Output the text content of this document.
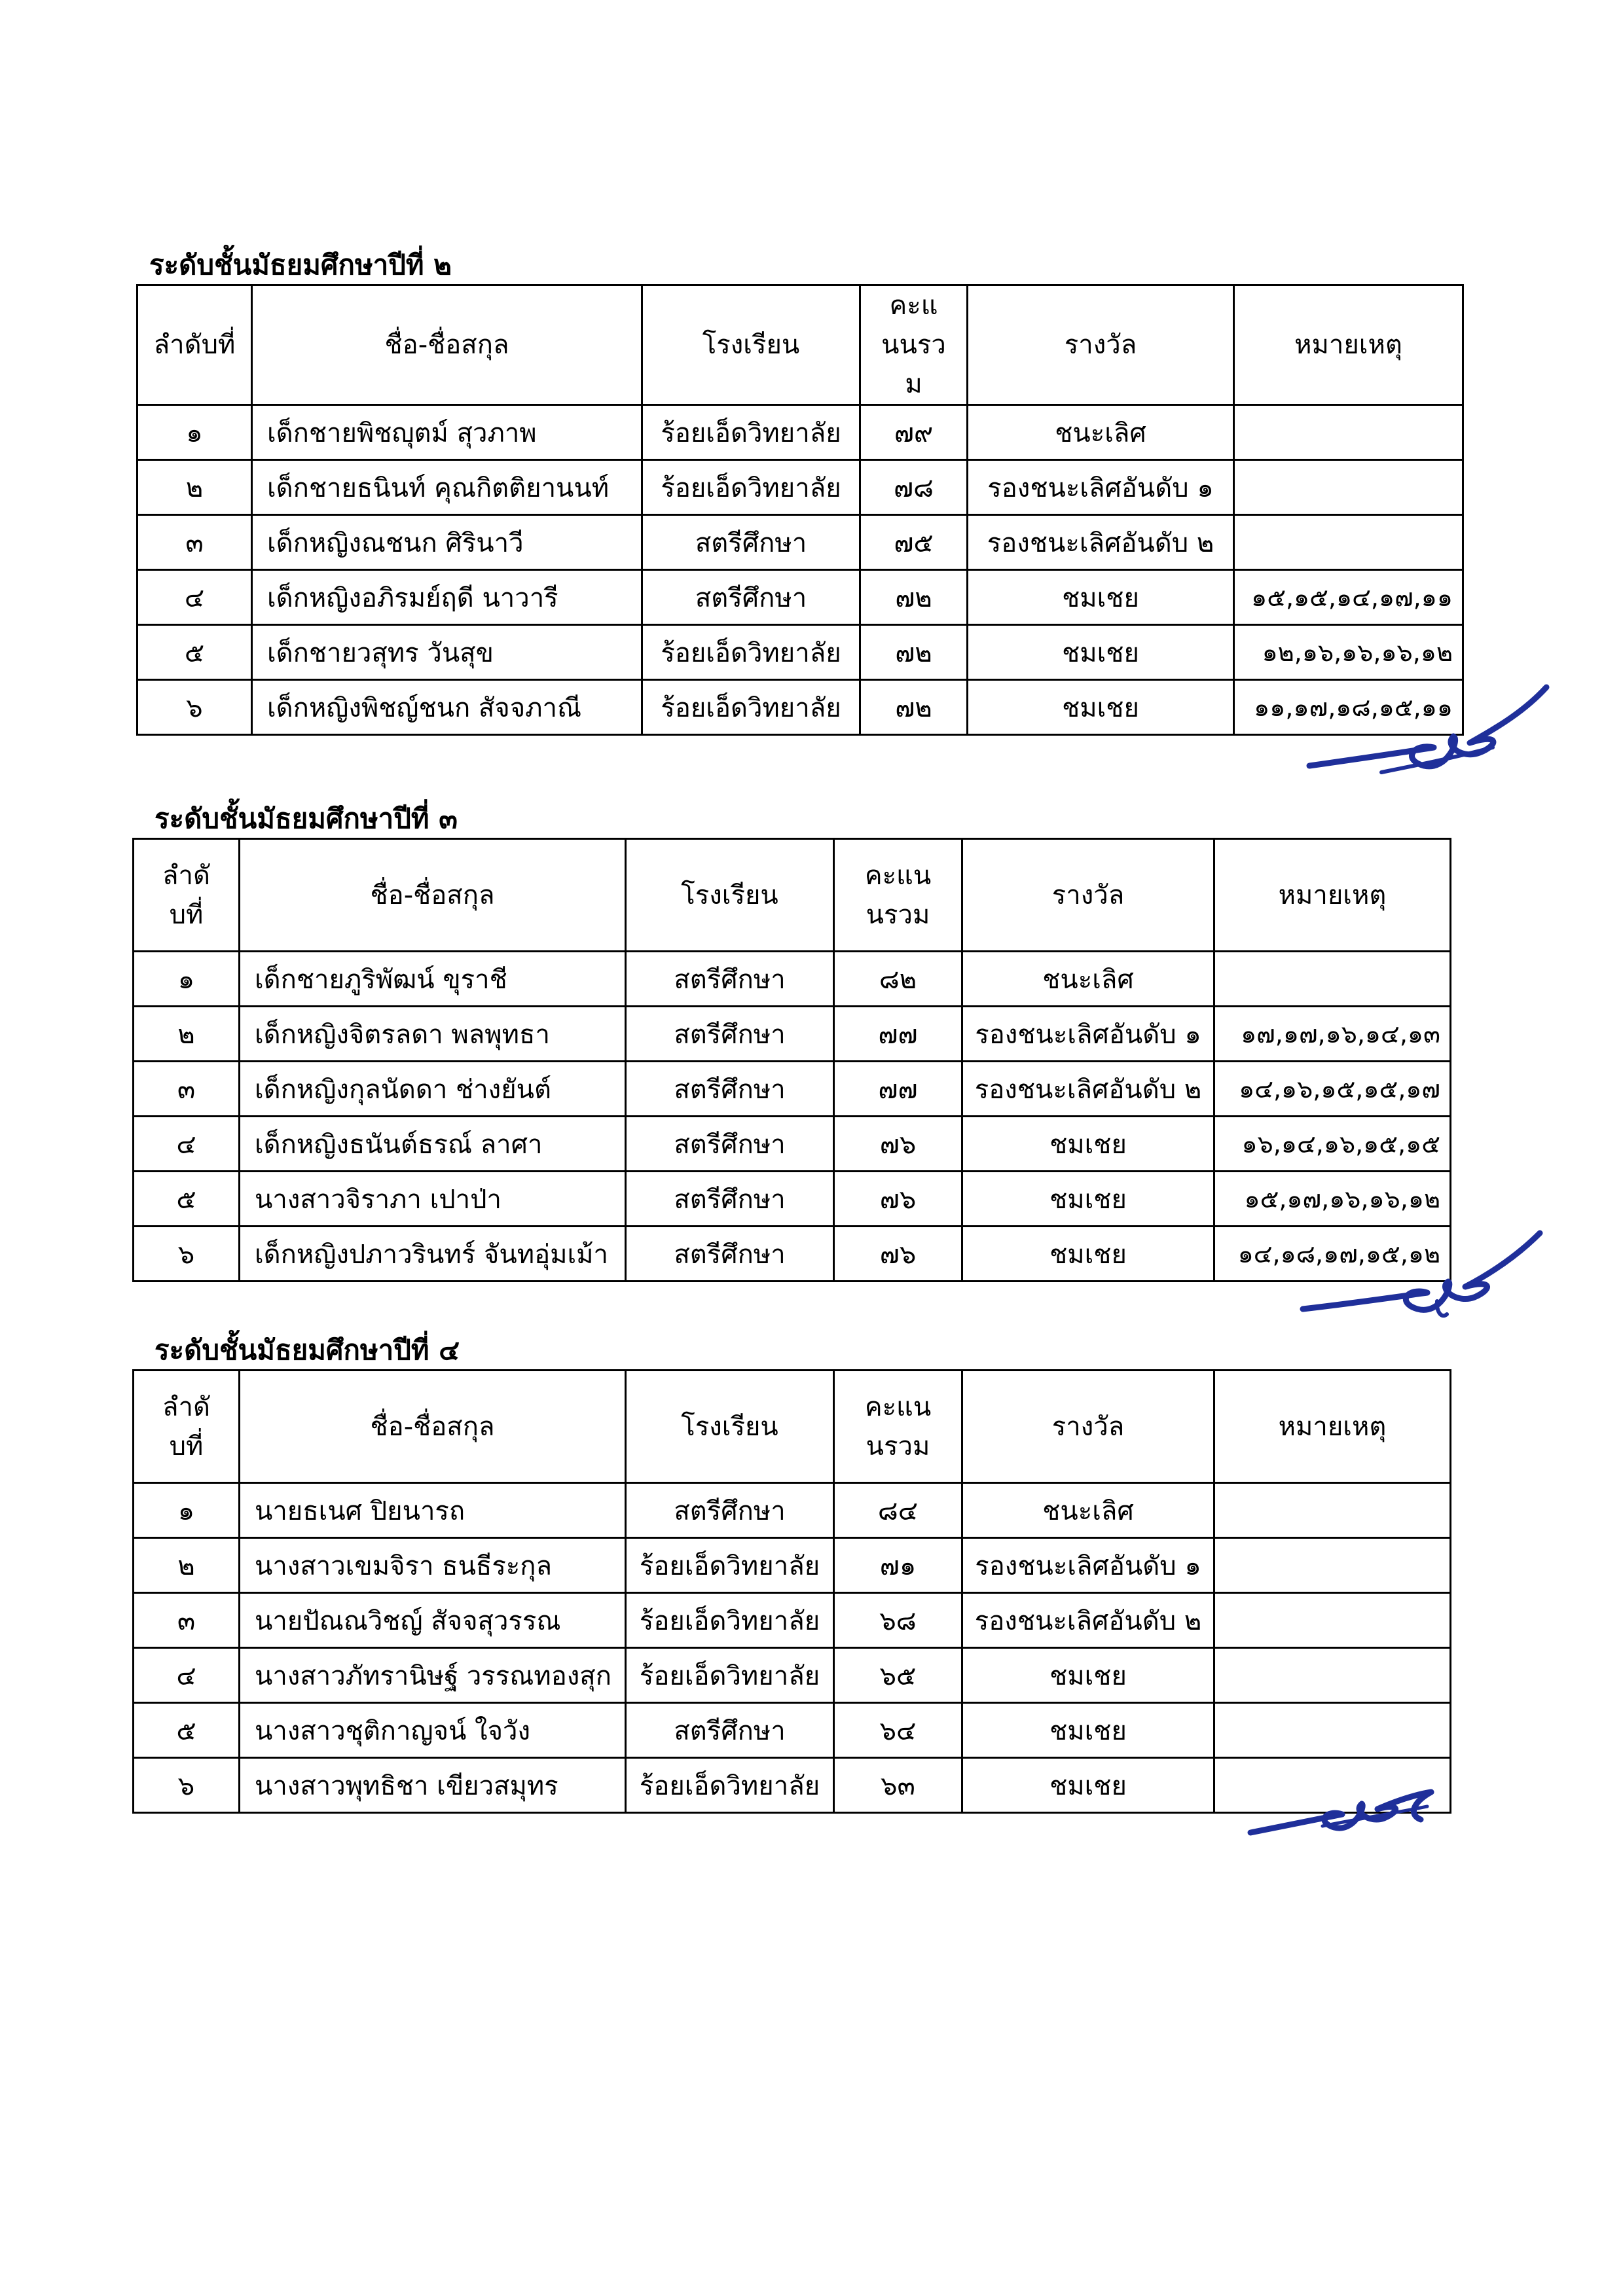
ระดับชั้นมัธยมศึกษาปีที่ ๒
ลำดับที่	ชื่อ-ชื่อสกุล	โรงเรียน	คะแนนรวม	รางวัล	หมายเหตุ
๑	เด็กชายพิชญุตม์ สุวภาพ	ร้อยเอ็ดวิทยาลัย	๗๙	ชนะเลิศ	
๒	เด็กชายธนินท์ คุณกิตติยานนท์	ร้อยเอ็ดวิทยาลัย	๗๘	รองชนะเลิศอันดับ ๑	
๓	เด็กหญิงณชนก ศิรินาวี	สตรีศึกษา	๗๕	รองชนะเลิศอันดับ ๒	
๔	เด็กหญิงอภิรมย์ฤดี นาวารี	สตรีศึกษา	๗๒	ชมเชย	๑๕,๑๕,๑๔,๑๗,๑๑
๕	เด็กชายวสุทร วันสุข	ร้อยเอ็ดวิทยาลัย	๗๒	ชมเชย	๑๒,๑๖,๑๖,๑๖,๑๒
๖	เด็กหญิงพิชญ์ชนก สัจจภาณี	ร้อยเอ็ดวิทยาลัย	๗๒	ชมเชย	๑๑,๑๗,๑๘,๑๕,๑๑
ระดับชั้นมัธยมศึกษาปีที่ ๓
ลำดับที่	ชื่อ-ชื่อสกุล	โรงเรียน	คะแนนรวม	รางวัล	หมายเหตุ
๑	เด็กชายภูริพัฒน์ ขุราชี	สตรีศึกษา	๘๒	ชนะเลิศ	
๒	เด็กหญิงจิตรลดา พลพุทธา	สตรีศึกษา	๗๗	รองชนะเลิศอันดับ ๑	๑๗,๑๗,๑๖,๑๔,๑๓
๓	เด็กหญิงกุลนัดดา ช่างยันต์	สตรีศึกษา	๗๗	รองชนะเลิศอันดับ ๒	๑๔,๑๖,๑๕,๑๕,๑๗
๔	เด็กหญิงธนันต์ธรณ์ ลาศา	สตรีศึกษา	๗๖	ชมเชย	๑๖,๑๔,๑๖,๑๕,๑๕
๕	นางสาวจิราภา เปาป่า	สตรีศึกษา	๗๖	ชมเชย	๑๕,๑๗,๑๖,๑๖,๑๒
๖	เด็กหญิงปภาวรินทร์ จันทอุ่มเม้า	สตรีศึกษา	๗๖	ชมเชย	๑๔,๑๘,๑๗,๑๕,๑๒
ระดับชั้นมัธยมศึกษาปีที่ ๔
ลำดับที่	ชื่อ-ชื่อสกุล	โรงเรียน	คะแนนรวม	รางวัล	หมายเหตุ
๑	นายธเนศ ปิยนารถ	สตรีศึกษา	๘๔	ชนะเลิศ	
๒	นางสาวเขมจิรา ธนธีระกุล	ร้อยเอ็ดวิทยาลัย	๗๑	รองชนะเลิศอันดับ ๑	
๓	นายปัณณวิชญ์ สัจจสุวรรณ	ร้อยเอ็ดวิทยาลัย	๖๘	รองชนะเลิศอันดับ ๒	
๔	นางสาวภัทรานิษฐ์ วรรณทองสุก	ร้อยเอ็ดวิทยาลัย	๖๕	ชมเชย	
๕	นางสาวชุติกาญจน์ ใจวัง	สตรีศึกษา	๖๔	ชมเชย	
๖	นางสาวพุทธิชา เขียวสมุทร	ร้อยเอ็ดวิทยาลัย	๖๓	ชมเชย	
